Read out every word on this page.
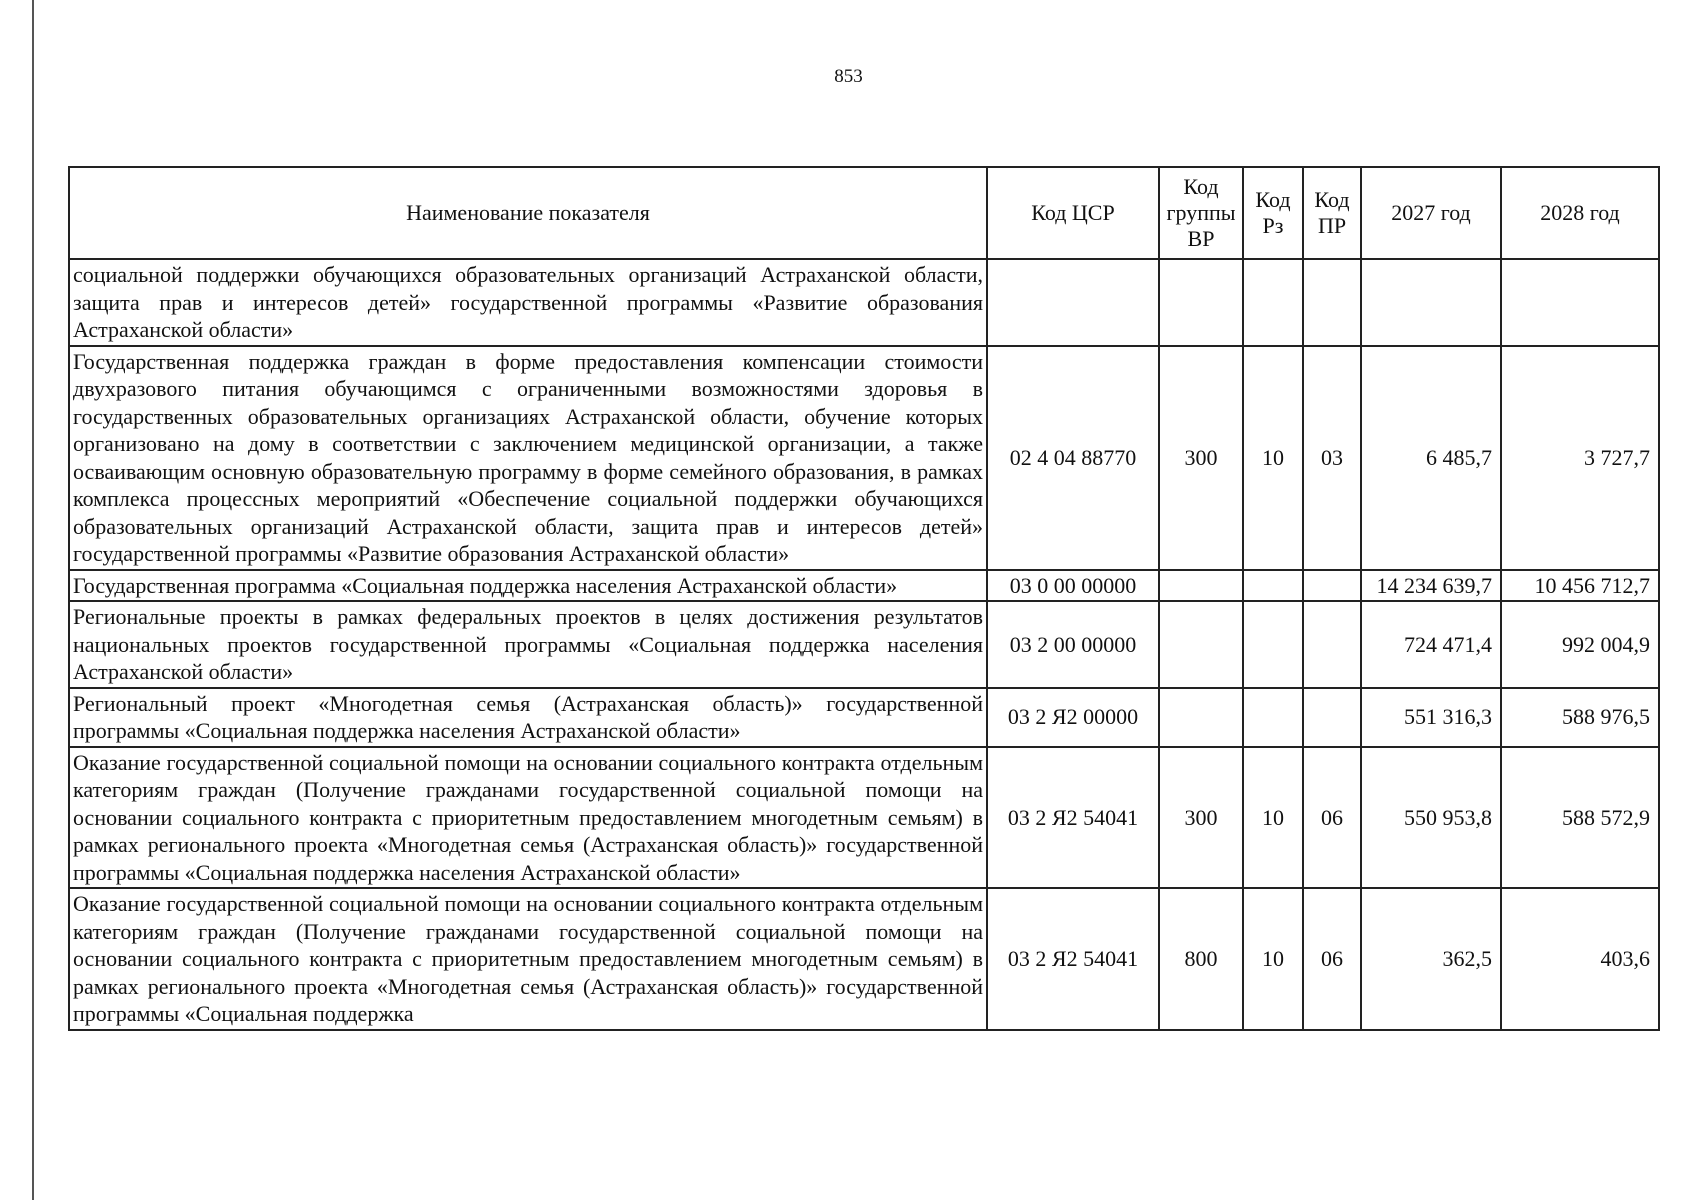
853
Наименование показателя	Код ЦСР	Код группы ВР	Код Рз	Код ПР	2027 год	2028 год
социальной поддержки обучающихся образовательных организаций Астраханской области, защита прав и интересов детей» государственной программы «Развитие образования Астраханской области»						
Государственная поддержка граждан в форме предоставления компенсации стоимости двухразового питания обучающимся с ограниченными возможностями здоровья в государственных образовательных организациях Астраханской области, обучение которых организовано на дому в соответствии с заключением медицинской организации, а также осваивающим основную образовательную программу в форме семейного образования, в рамках комплекса процессных мероприятий «Обеспечение социальной поддержки обучающихся образовательных организаций Астраханской области, защита прав и интересов детей» государственной программы «Развитие образования Астраханской области»	02 4 04 88770	300	10	03	6 485,7	3 727,7
Государственная программа «Социальная поддержка населения Астраханской области»	03 0 00 00000				14 234 639,7	10 456 712,7
Региональные проекты в рамках федеральных проектов в целях достижения результатов национальных проектов государственной программы «Социальная поддержка населения Астраханской области»	03 2 00 00000				724 471,4	992 004,9
Региональный проект «Многодетная семья (Астраханская область)» государственной программы «Социальная поддержка населения Астраханской области»	03 2 Я2 00000				551 316,3	588 976,5
Оказание государственной социальной помощи на основании социального контракта отдельным категориям граждан (Получение гражданами государственной социальной помощи на основании социального контракта с приоритетным предоставлением многодетным семьям) в рамках регионального проекта «Многодетная семья (Астраханская область)» государственной программы «Социальная поддержка населения Астраханской области»	03 2 Я2 54041	300	10	06	550 953,8	588 572,9
Оказание государственной социальной помощи на основании социального контракта отдельным категориям граждан (Получение гражданами государственной социальной помощи на основании социального контракта с приоритетным предоставлением многодетным семьям) в рамках регионального проекта «Многодетная семья (Астраханская область)» государственной программы «Социальная поддержка	03 2 Я2 54041	800	10	06	362,5	403,6
